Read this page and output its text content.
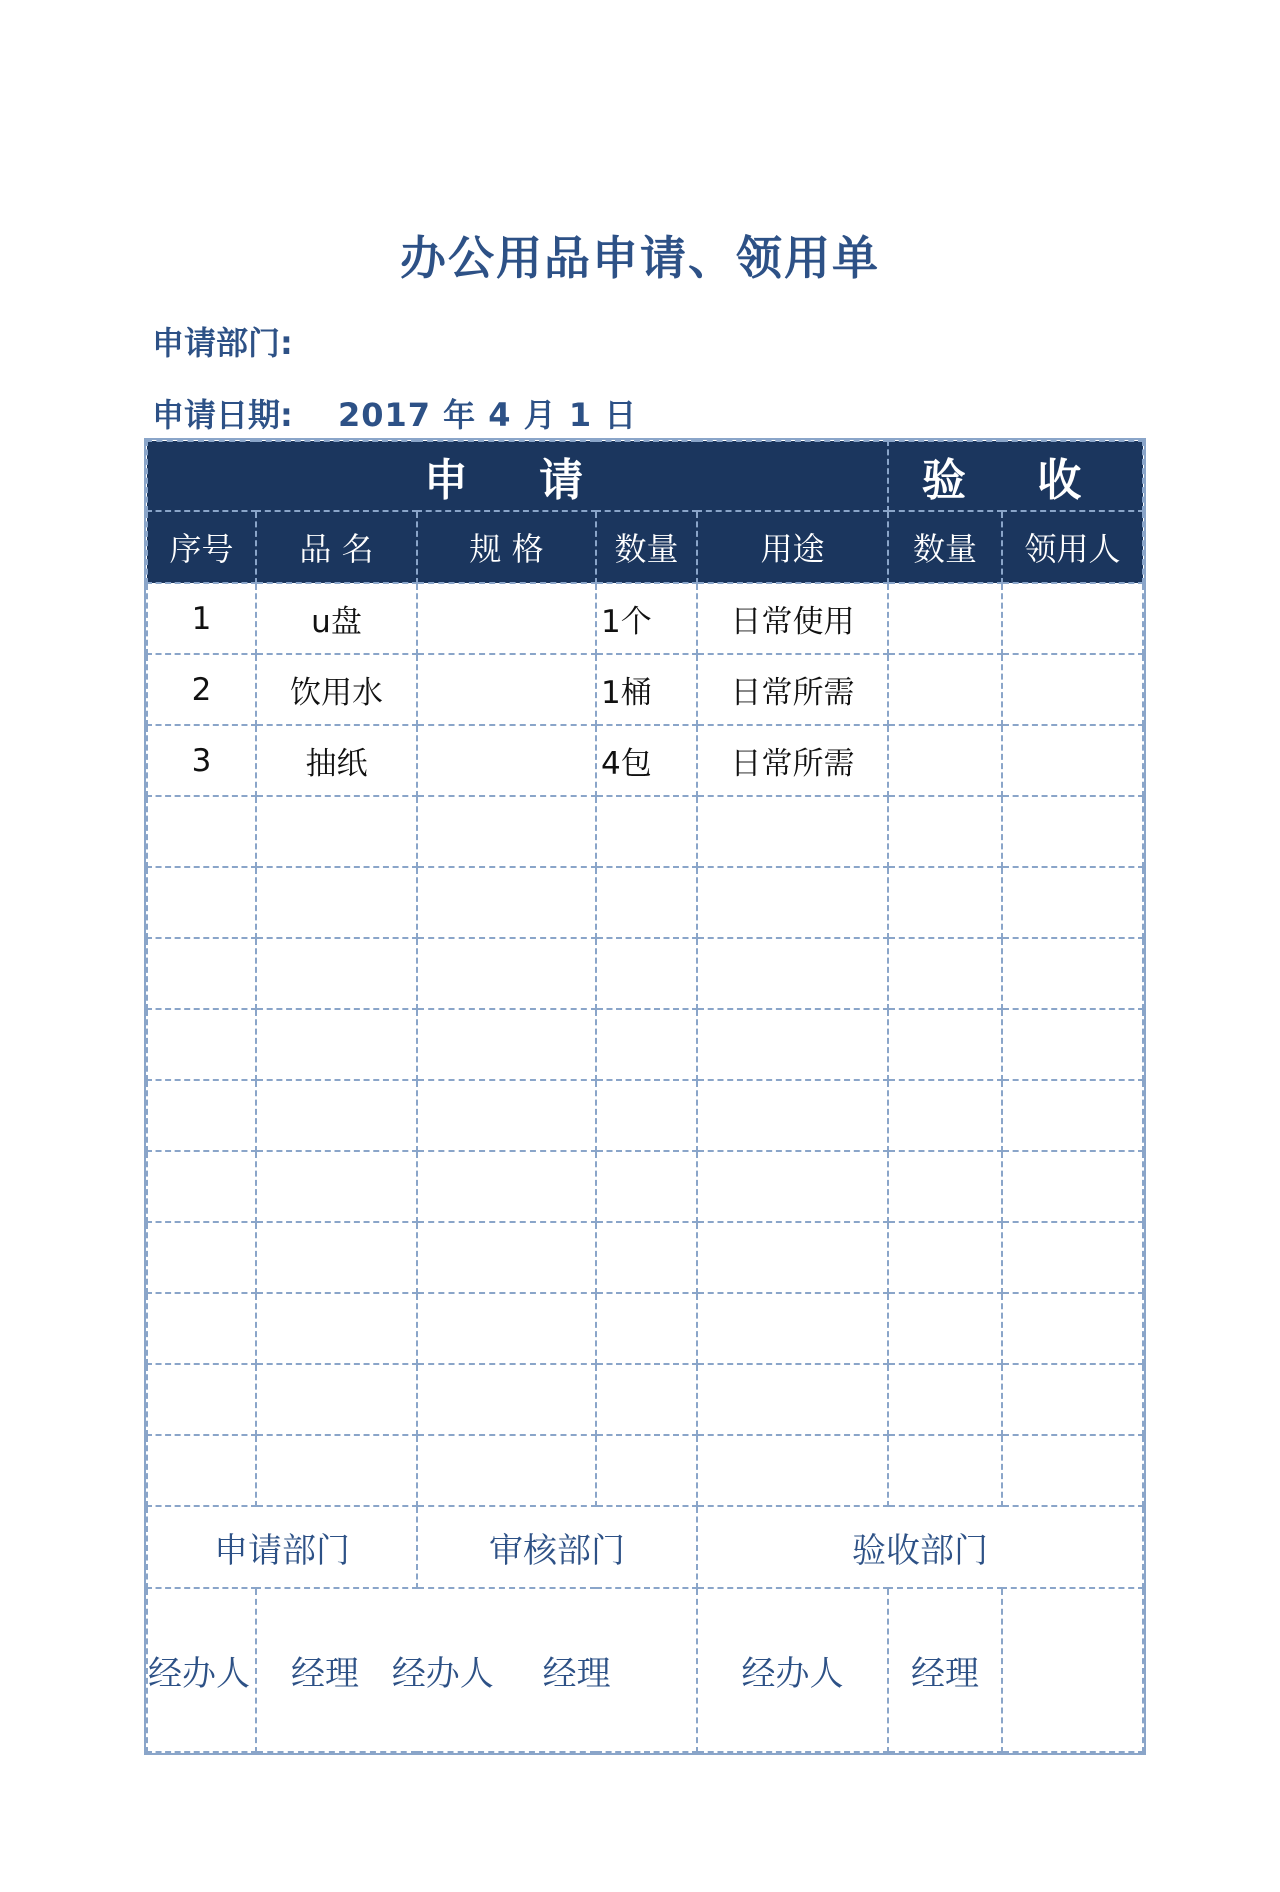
办公用品申请、领用单
申请部门:
申请日期: 2017 年 4 月 1 日
申 请					验 收	
序号	品 名	规 格	数量	用途	数量	领用人
1	u盘		1个	日常使用		
2	饮用水		1桶	日常所需		
3	抽纸		4包	日常所需		

申请部门		审核部门		验收部门		
经办人	经理 经办人 经理			经办人	经理	
